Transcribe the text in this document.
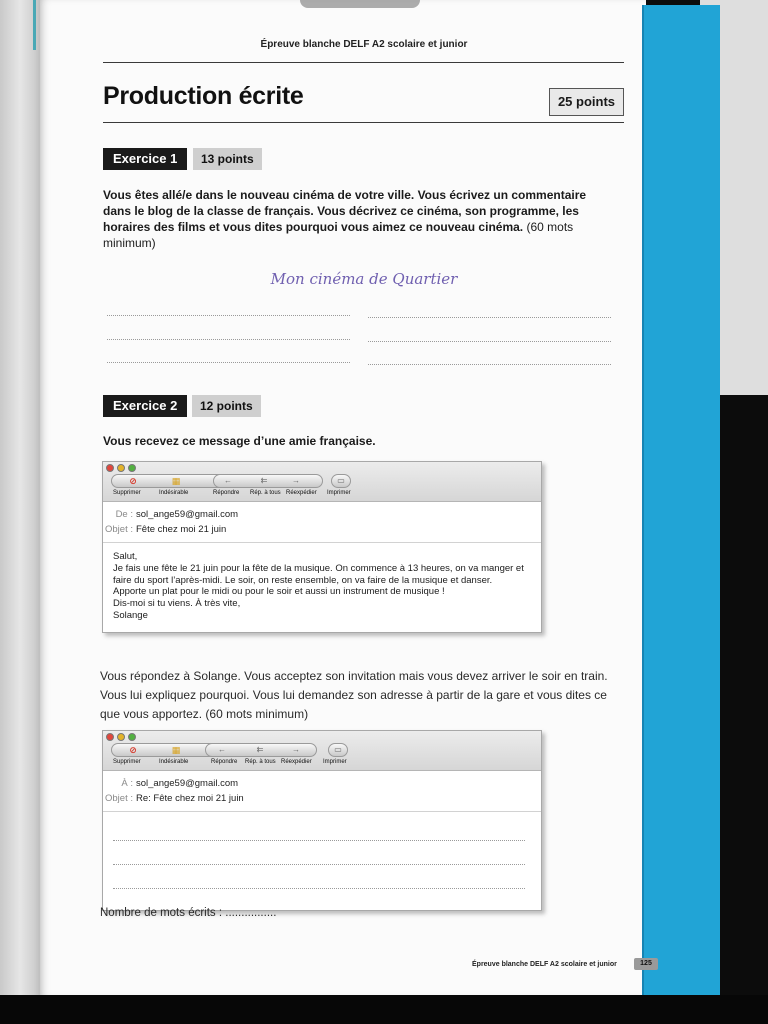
Épreuve blanche DELF A2 scolaire et junior
Production écrite	25 points
Exercice 1	13 points
Vous êtes allé/e dans le nouveau cinéma de votre ville. Vous écrivez un commentaire dans le blog de la classe de français. Vous décrivez ce cinéma, son programme, les horaires des films et vous dites pourquoi vous aimez ce nouveau cinéma. (60 mots minimum)
Mon cinéma de Quartier
Exercice 2	12 points
Vous recevez ce message d’une amie française.
⊘	▦	←	⇇	→	▭
Supprimer	Indésirable	Répondre Rép. à tous Réexpédier Imprimer
De : sol_ange59@gmail.com
Objet : Fête chez moi 21 juin

Salut,

Je fais une fête le 21 juin pour la fête de la musique. On commence à 13 heures, on va manger et faire du sport l’après-midi. Le soir, on reste ensemble, on va faire de la musique et danser.

Apporte un plat pour le midi ou pour le soir et aussi un instrument de musique !

Dis-moi si tu viens. À très vite,

Solange

Vous répondez à Solange. Vous acceptez son invitation mais vous devez arriver le soir en train. Vous lui expliquez pourquoi. Vous lui demandez son adresse à partir de la gare et vous dites ce que vous apportez. (60 mots minimum)
⊘	▦	←	⇇	→	▭
Supprimer	Indésirable	Répondre Rép. à tous Réexpédier Imprimer
À : sol_ange59@gmail.com
Objet : Re: Fête chez moi 21 juin
Nombre de mots écrits : ................
Épreuve blanche DELF A2 scolaire et junior	125
